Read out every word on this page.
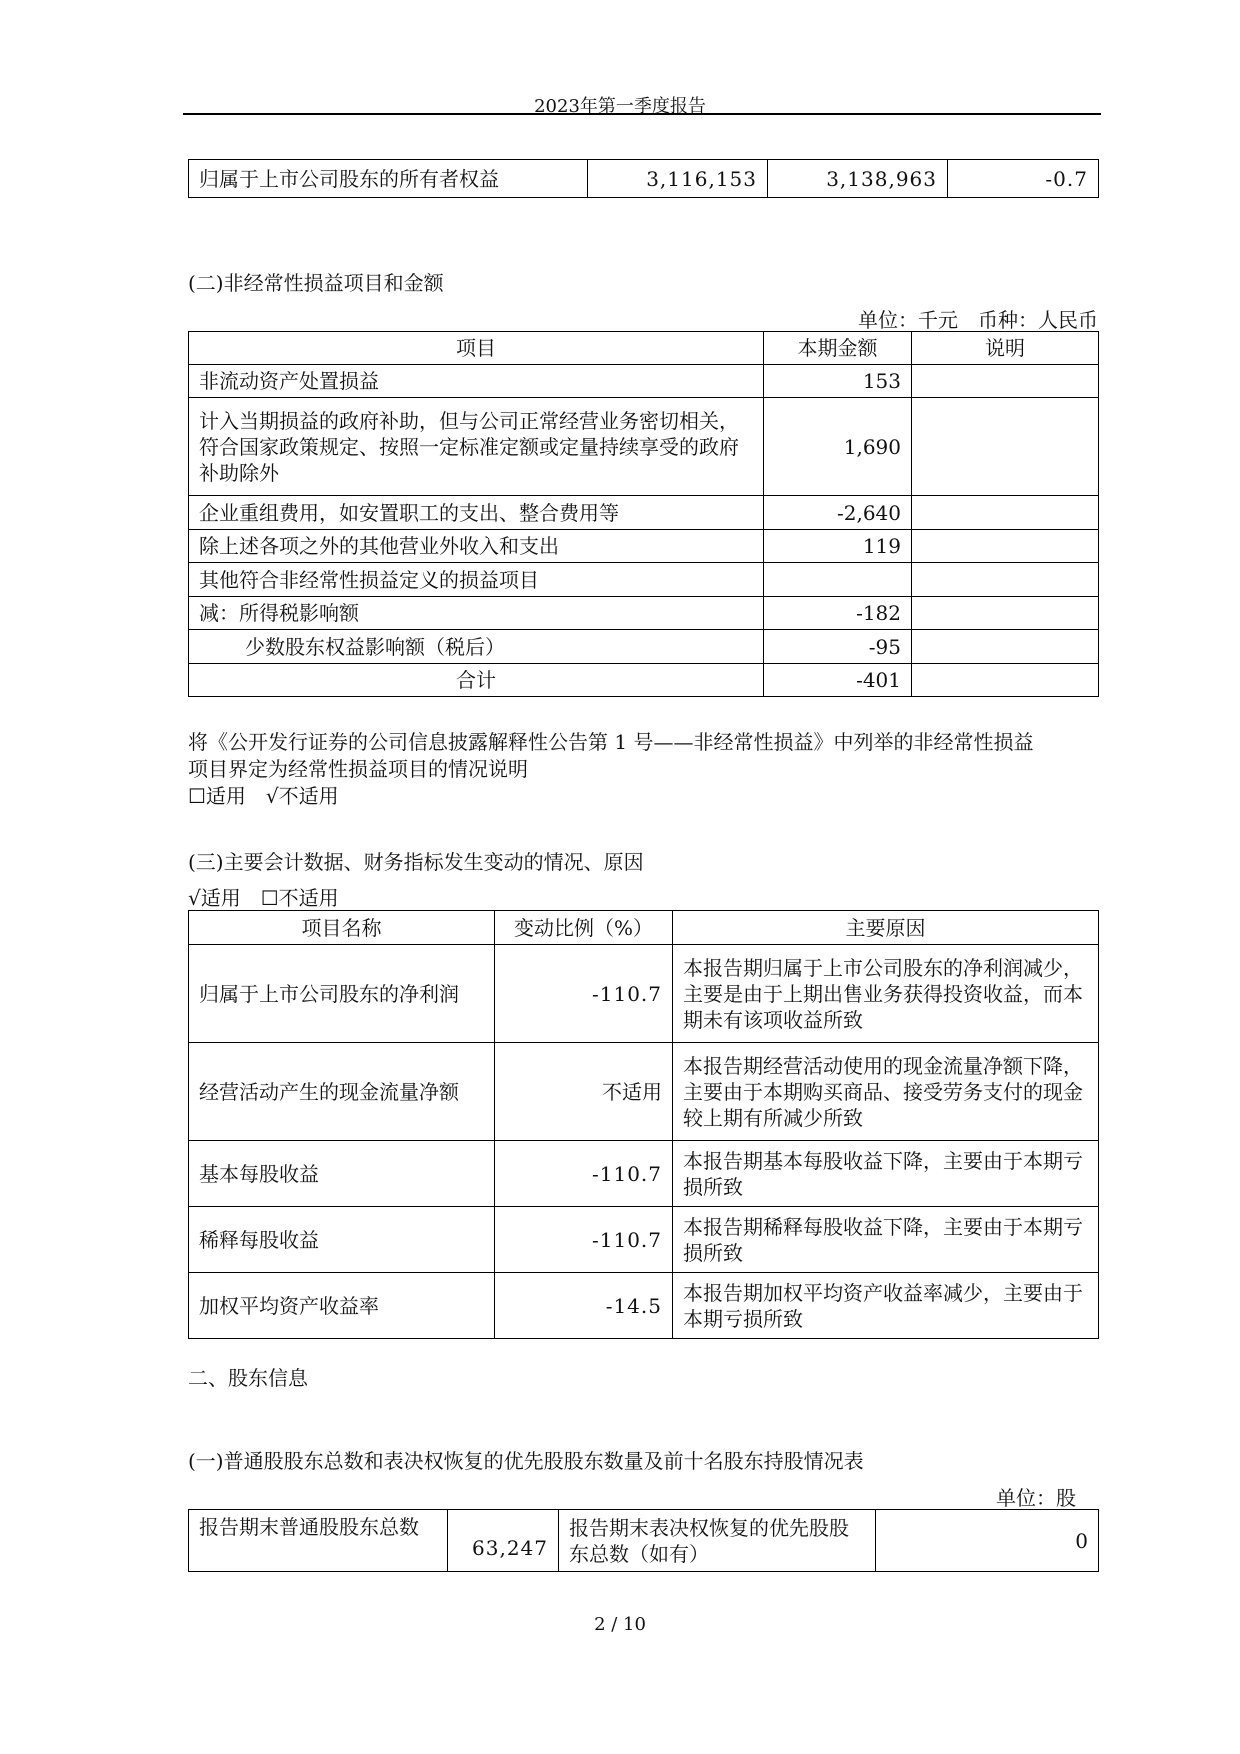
2023年第一季度报告
归属于上市公司股东的所有者权益	3,116,153	3,138,963	-0.7
(二)非经常性损益项目和金额
单位：千元　币种：人民币
项目	本期金额	说明
非流动资产处置损益	153	
计入当期损益的政府补助，但与公司正常经营业务密切相关，符合国家政策规定、按照一定标准定额或定量持续享受的政府补助除外	1,690	
企业重组费用，如安置职工的支出、整合费用等	-2,640	
除上述各项之外的其他营业外收入和支出	119	
其他符合非经常性损益定义的损益项目		
减：所得税影响额	-182	
少数股东权益影响额（税后）	-95	
合计	-401	
将《公开发行证券的公司信息披露解释性公告第 1 号——非经常性损益》中列举的非经常性损益
项目界定为经常性损益项目的情况说明
☐适用　√不适用
(三)主要会计数据、财务指标发生变动的情况、原因
√适用　☐不适用
项目名称	变动比例（%）	主要原因
归属于上市公司股东的净利润	-110.7	本报告期归属于上市公司股东的净利润减少，主要是由于上期出售业务获得投资收益，而本期未有该项收益所致
经营活动产生的现金流量净额	不适用	本报告期经营活动使用的现金流量净额下降，主要由于本期购买商品、接受劳务支付的现金较上期有所减少所致
基本每股收益	-110.7	本报告期基本每股收益下降，主要由于本期亏损所致
稀释每股收益	-110.7	本报告期稀释每股收益下降，主要由于本期亏损所致
加权平均资产收益率	-14.5	本报告期加权平均资产收益率减少，主要由于本期亏损所致
二、股东信息
(一)普通股股东总数和表决权恢复的优先股股东数量及前十名股东持股情况表
单位：股
报告期末普通股股东总数	63,247	报告期末表决权恢复的优先股股东总数（如有）	0
2 / 10
